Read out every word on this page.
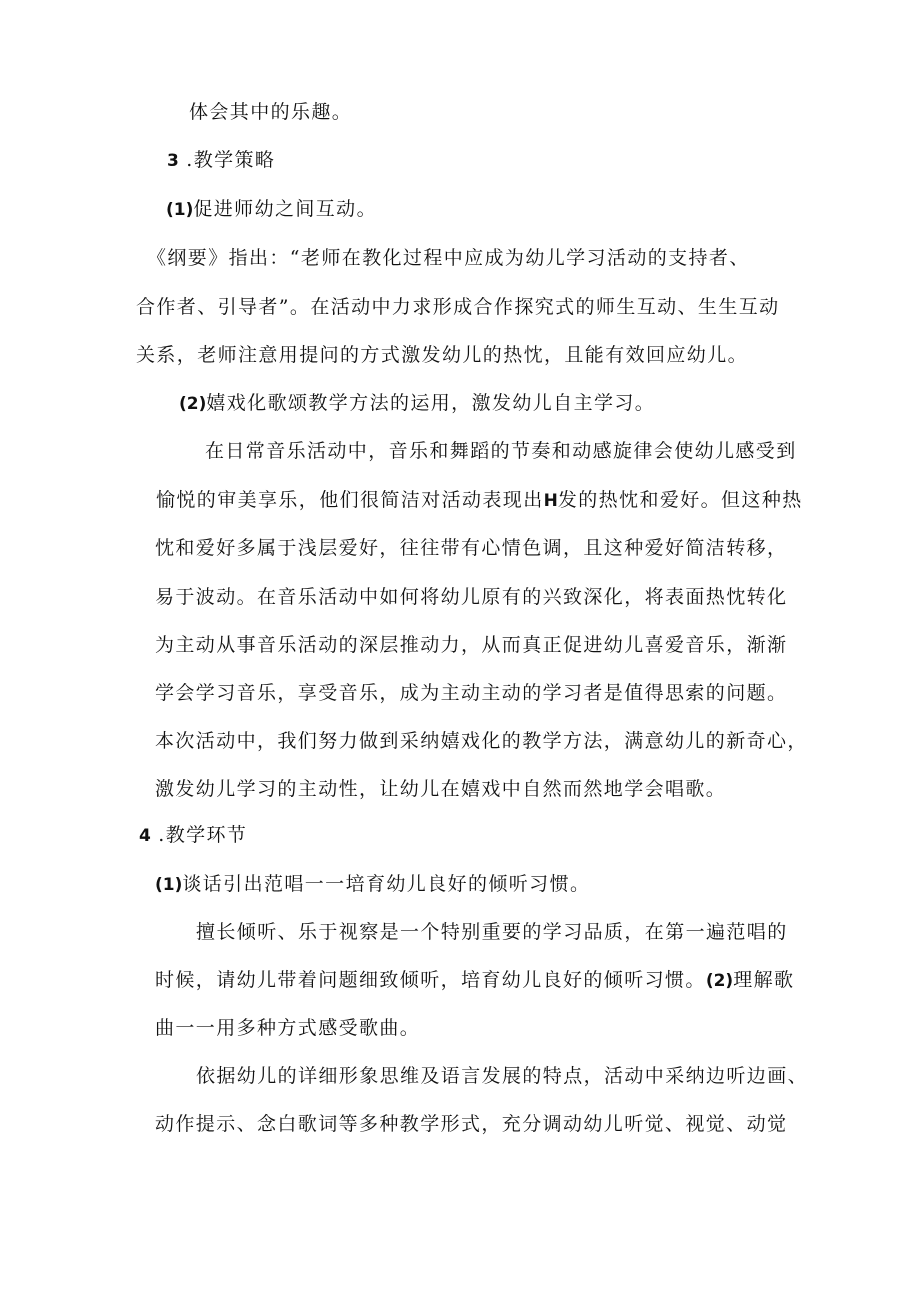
体会其中的乐趣。
3 .教学策略
(1)促进师幼之间互动。
《纲要》指出：“老师在教化过程中应成为幼儿学习活动的支持者、
合作者、引导者”。在活动中力求形成合作探究式的师生互动、生生互动
关系，老师注意用提问的方式激发幼儿的热忱，且能有效回应幼儿。
(2)嬉戏化歌颂教学方法的运用，激发幼儿自主学习。
在日常音乐活动中，音乐和舞蹈的节奏和动感旋律会使幼儿感受到
愉悦的审美享乐，他们很简洁对活动表现出H发的热忱和爱好。但这种热
忱和爱好多属于浅层爱好，往往带有心情色调，且这种爱好简洁转移，
易于波动。在音乐活动中如何将幼儿原有的兴致深化，将表面热忱转化
为主动从事音乐活动的深层推动力，从而真正促进幼儿喜爱音乐，渐渐
学会学习音乐，享受音乐，成为主动主动的学习者是值得思索的问题。
本次活动中，我们努力做到采纳嬉戏化的教学方法，满意幼儿的新奇心，
激发幼儿学习的主动性，让幼儿在嬉戏中自然而然地学会唱歌。
4 .教学环节
(1)谈话引出范唱一一培育幼儿良好的倾听习惯。
擅长倾听、乐于视察是一个特别重要的学习品质，在第一遍范唱的
时候，请幼儿带着问题细致倾听，培育幼儿良好的倾听习惯。(2)理解歌
曲一一用多种方式感受歌曲。
依据幼儿的详细形象思维及语言发展的特点，活动中采纳边听边画、
动作提示、念白歌词等多种教学形式，充分调动幼儿听觉、视觉、动觉
